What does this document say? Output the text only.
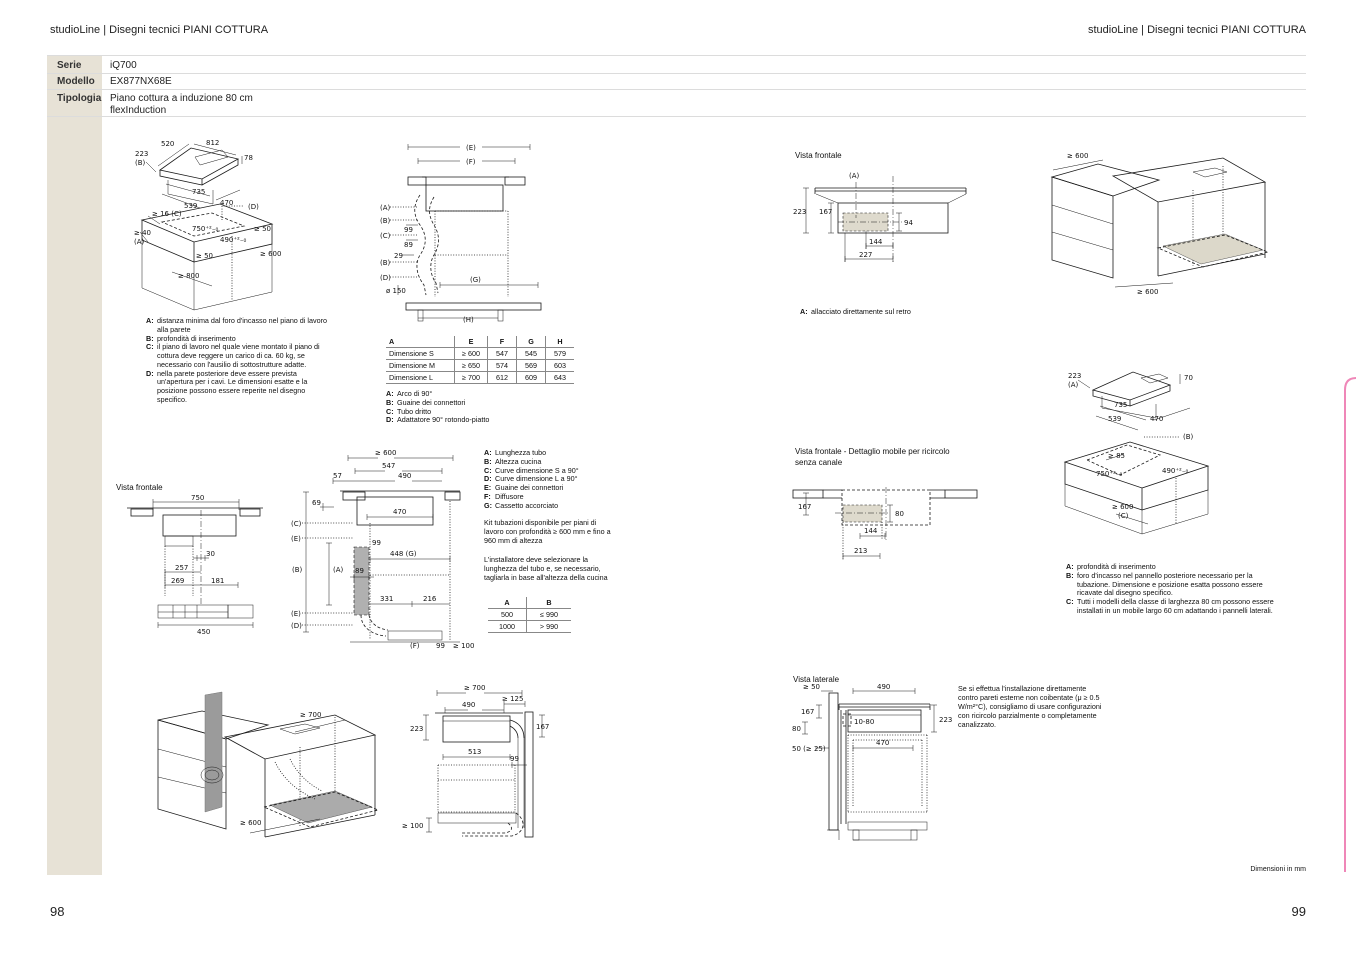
studioLine | Disegni tecnici PIANI COTTURA	studioLine | Disegni tecnici PIANI COTTURA
Serie	iQ700
Modello EX877NX68E
Tipologia Piano cottura a induzione 80 cm
flexInduction
520	812
78
223
(B)
735
539	470
≥ 16 (C)
(D)
≥ 40
(A)
750⁺²₋₀	≥ 50
490⁺²₋₀
≥ 50	≥ 600
≥ 800
(E)
(F)
(A)
(B)
99
(C)
89
29
(B)
(D)
ø 150
(G)
(H)
A: distanza minima dal foro d'incasso nel piano di lavoro alla parete
B: profondità di inserimento
C: il piano di lavoro nel quale viene montato il piano di cottura deve reggere un carico di ca. 60 kg, se necessario con l'ausilio di sottostrutture adatte.
D: nella parete posteriore deve essere prevista un'apertura per i cavi. Le dimensioni esatte e la posizione possono essere reperite nel disegno specifico.
A	E	F	G	H
Dimensione S	≥ 600	547	545	579
Dimensione M	≥ 650	574	569	603
Dimensione L	≥ 700	612	609	643
A: Arco di 90°
B: Guaine dei connettori
C: Tubo dritto
D: Adattatore 90° rotondo-piatto
Vista frontale
750
30
257
269	181
450
≥ 600
547
57	490
69
470
(C)
(E)	99
(B)	(A) 89
448 (G)
331	216
(E)
(D)
(F) 99 ≥ 100
A: Lunghezza tubo
B: Altezza cucina
C: Curve dimensione S a 90°
D: Curve dimensione L a 90°
E: Guaine dei connettori
F: Diffusore
G: Cassetto accorciato
Kit tubazioni disponibile per piani di lavoro con profondità ≥ 600 mm e fino a 960 mm di altezza
L'installatore deve selezionare la lunghezza del tubo e, se necessario, tagliarla in base all'altezza della cucina
A	B
500	≤ 990
1000	> 990
≥ 700
≥ 600
≥ 700
490
≥ 125
223	167
513
99
≥ 100
Vista frontale
(A)
223 167
94
144
227
A: allacciato direttamente sul retro
≥ 600
≥ 600
Vista frontale - Dettaglio mobile per ricircolo
senza canale
167
80
144
213
223
(A)
70
735
539	470
(B)
≥ 85
490⁺²₋₀
750⁺²₋₀
≥ 600
(C)
A: profondità di inserimento
B: foro d'incasso nel pannello posteriore necessario per la tubazione. Dimensione e posizione esatta possono essere ricavate dal disegno specifico.
C: Tutti i modelli della classe di larghezza 80 cm possono essere installati in un mobile largo 60 cm adattando i pannelli laterali.
Vista laterale
≥ 50	490
167
10-80
80
223
50 (≥ 25)
470
Se si effettua l'installazione direttamente contro pareti esterne non coibentate (μ ≥ 0.5 W/m²°C), consigliamo di usare configurazioni con ricircolo parzialmente o completamente canalizzato.
Dimensioni in mm
98	99
